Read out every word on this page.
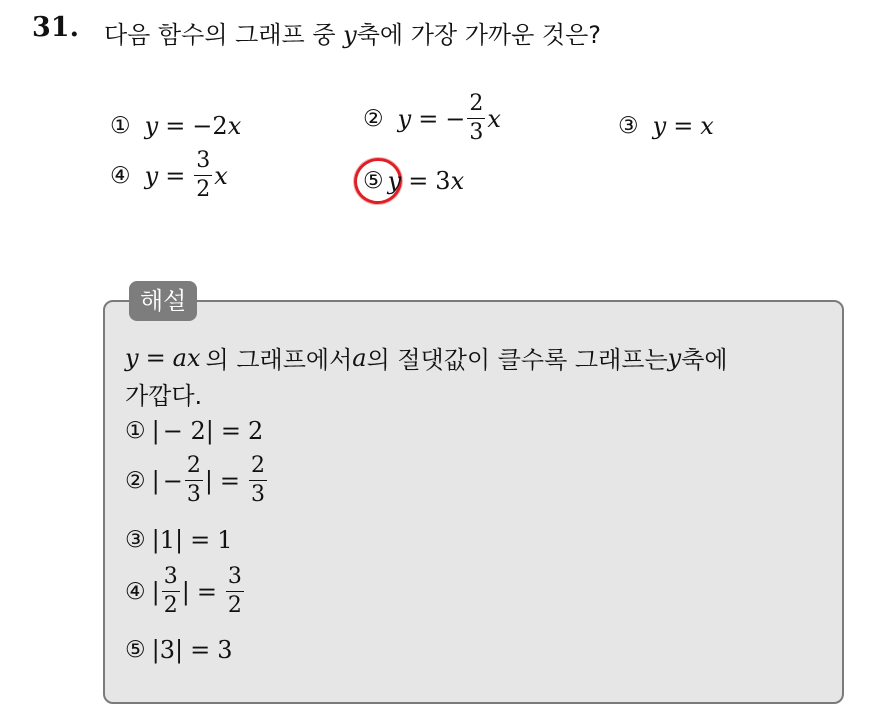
31. 다음 함수의 그래프 중 y 축에 가장 가까운 것은?
① y = −2 x	② y = − $\frac{2}{3}$ x	③ y = x
④ $y = \frac{3}{2}$ x	⑤ y = 3 x
해설
y = ax 의 그래프에서 a 의 절댓값이 클수록 그래프는 y 축에
가깝다.
① | − 2 | = 2
② | − $\frac{2}{3}$ | = $\frac{2}{3}$
③ | 1 | = 1
④ | $\frac{3}{2}$ | = $\frac{3}{2}$
⑤ | 3 | = 3
